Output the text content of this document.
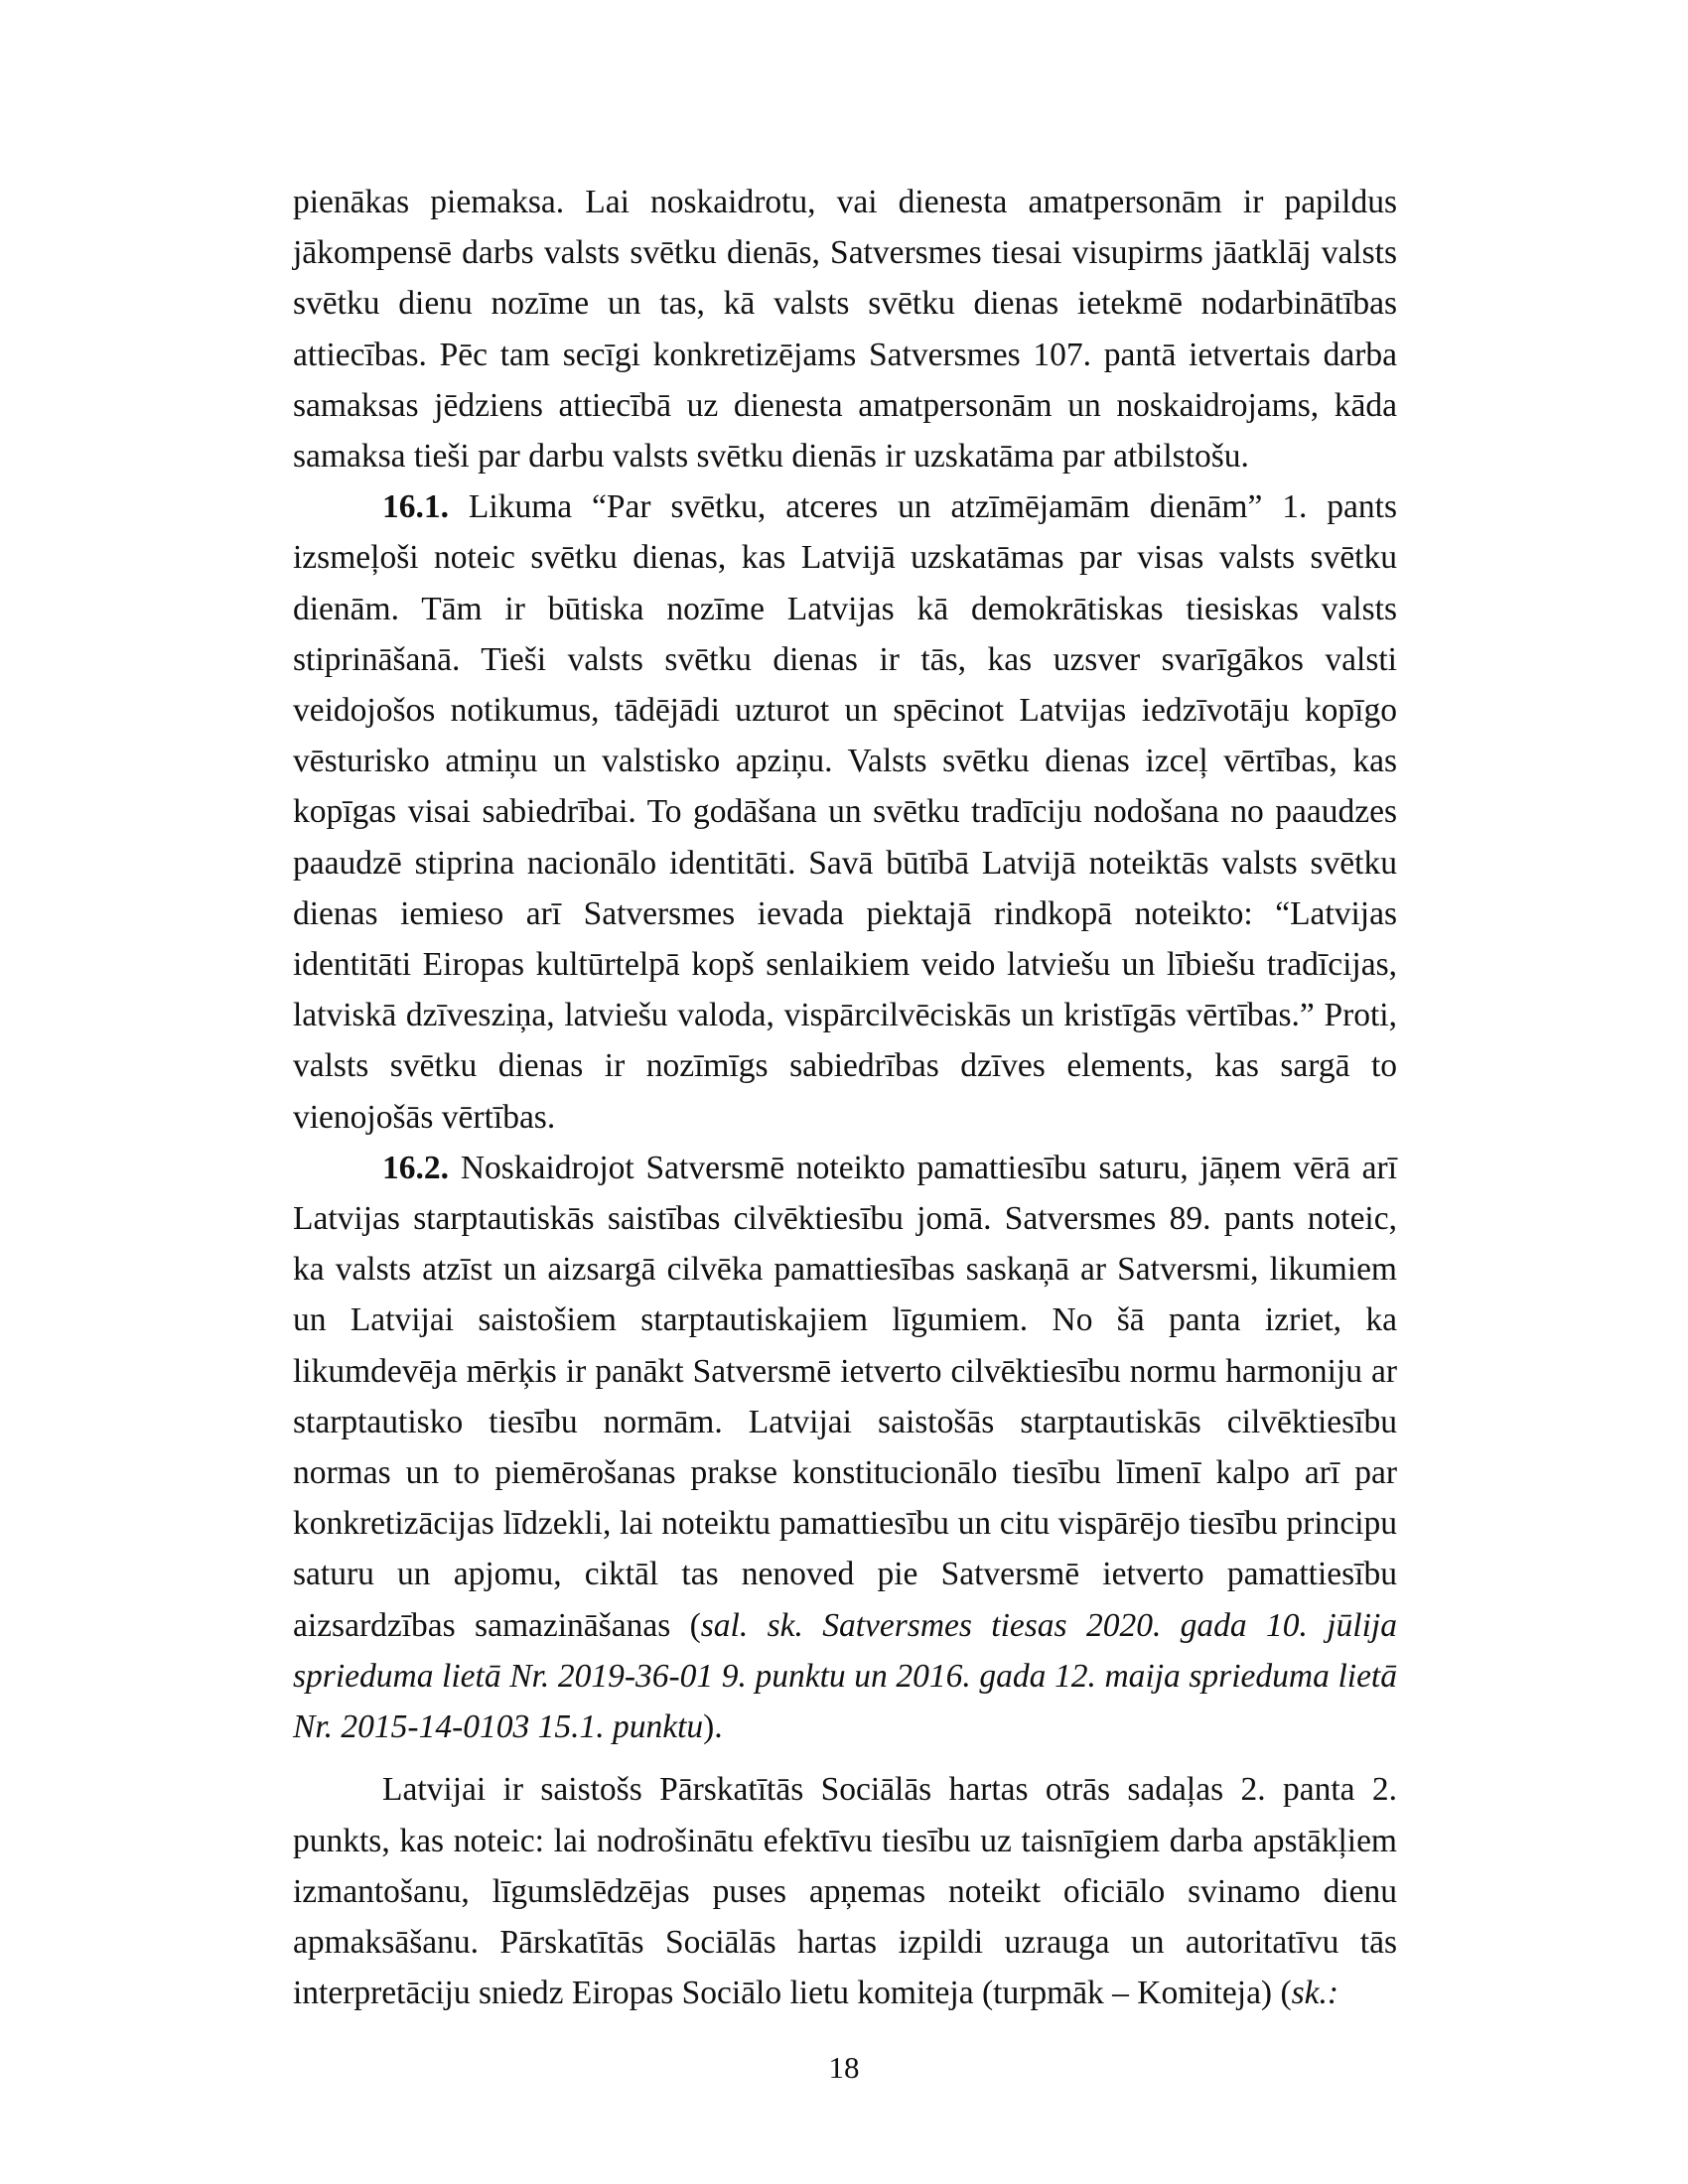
pienākas piemaksa. Lai noskaidrotu, vai dienesta amatpersonām ir papildus jākompensē darbs valsts svētku dienās, Satversmes tiesai visupirms jāatklāj valsts svētku dienu nozīme un tas, kā valsts svētku dienas ietekmē nodarbinātības attiecības. Pēc tam secīgi konkretizējams Satversmes 107. pantā ietvertais darba samaksas jēdziens attiecībā uz dienesta amatpersonām un noskaidrojams, kāda samaksa tieši par darbu valsts svētku dienās ir uzskatāma par atbilstošu.

16.1. Likuma “Par svētku, atceres un atzīmējamām dienām” 1. pants izsmeļoši noteic svētku dienas, kas Latvijā uzskatāmas par visas valsts svētku dienām. Tām ir būtiska nozīme Latvijas kā demokrātiskas tiesiskas valsts stiprināšanā. Tieši valsts svētku dienas ir tās, kas uzsver svarīgākos valsti veidojošos notikumus, tādējādi uzturot un spēcinot Latvijas iedzīvotāju kopīgo vēsturisko atmiņu un valstisko apziņu. Valsts svētku dienas izceļ vērtības, kas kopīgas visai sabiedrībai. To godāšana un svētku tradīciju nodošana no paaudzes paaudzē stiprina nacionālo identitāti. Savā būtībā Latvijā noteiktās valsts svētku dienas iemieso arī Satversmes ievada piektajā rindkopā noteikto: “Latvijas identitāti Eiropas kultūrtelpā kopš senlaikiem veido latviešu un lībiešu tradīcijas, latviskā dzīvesziņa, latviešu valoda, vispārcilvēciskās un kristīgās vērtības.” Proti, valsts svētku dienas ir nozīmīgs sabiedrības dzīves elements, kas sargā to vienojošās vērtības.

16.2. Noskaidrojot Satversmē noteikto pamattiesību saturu, jāņem vērā arī Latvijas starptautiskās saistības cilvēktiesību jomā. Satversmes 89. pants noteic, ka valsts atzīst un aizsargā cilvēka pamattiesības saskaņā ar Satversmi, likumiem un Latvijai saistošiem starptautiskajiem līgumiem. No šā panta izriet, ka likumdevēja mērķis ir panākt Satversmē ietverto cilvēktiesību normu harmoniju ar starptautisko tiesību normām. Latvijai saistošās starptautiskās cilvēktiesību normas un to piemērošanas prakse konstitucionālo tiesību līmenī kalpo arī par konkretizācijas līdzekli, lai noteiktu pamattiesību un citu vispārējo tiesību principu saturu un apjomu, ciktāl tas nenoved pie Satversmē ietverto pamattiesību aizsardzības samazināšanas (sal. sk. Satversmes tiesas 2020. gada 10. jūlija sprieduma lietā Nr. 2019-36-01 9. punktu un 2016. gada 12. maija sprieduma lietā Nr. 2015-14-0103 15.1. punktu).

Latvijai ir saistošs Pārskatītās Sociālās hartas otrās sadaļas 2. panta 2. punkts, kas noteic: lai nodrošinātu efektīvu tiesību uz taisnīgiem darba apstākļiem izmantošanu, līgumslēdzējas puses apņemas noteikt oficiālo svinamo dienu apmaksāšanu. Pārskatītās Sociālās hartas izpildi uzrauga un autoritatīvu tās interpretāciju sniedz Eiropas Sociālo lietu komiteja (turpmāk – Komiteja) (sk.:

18
